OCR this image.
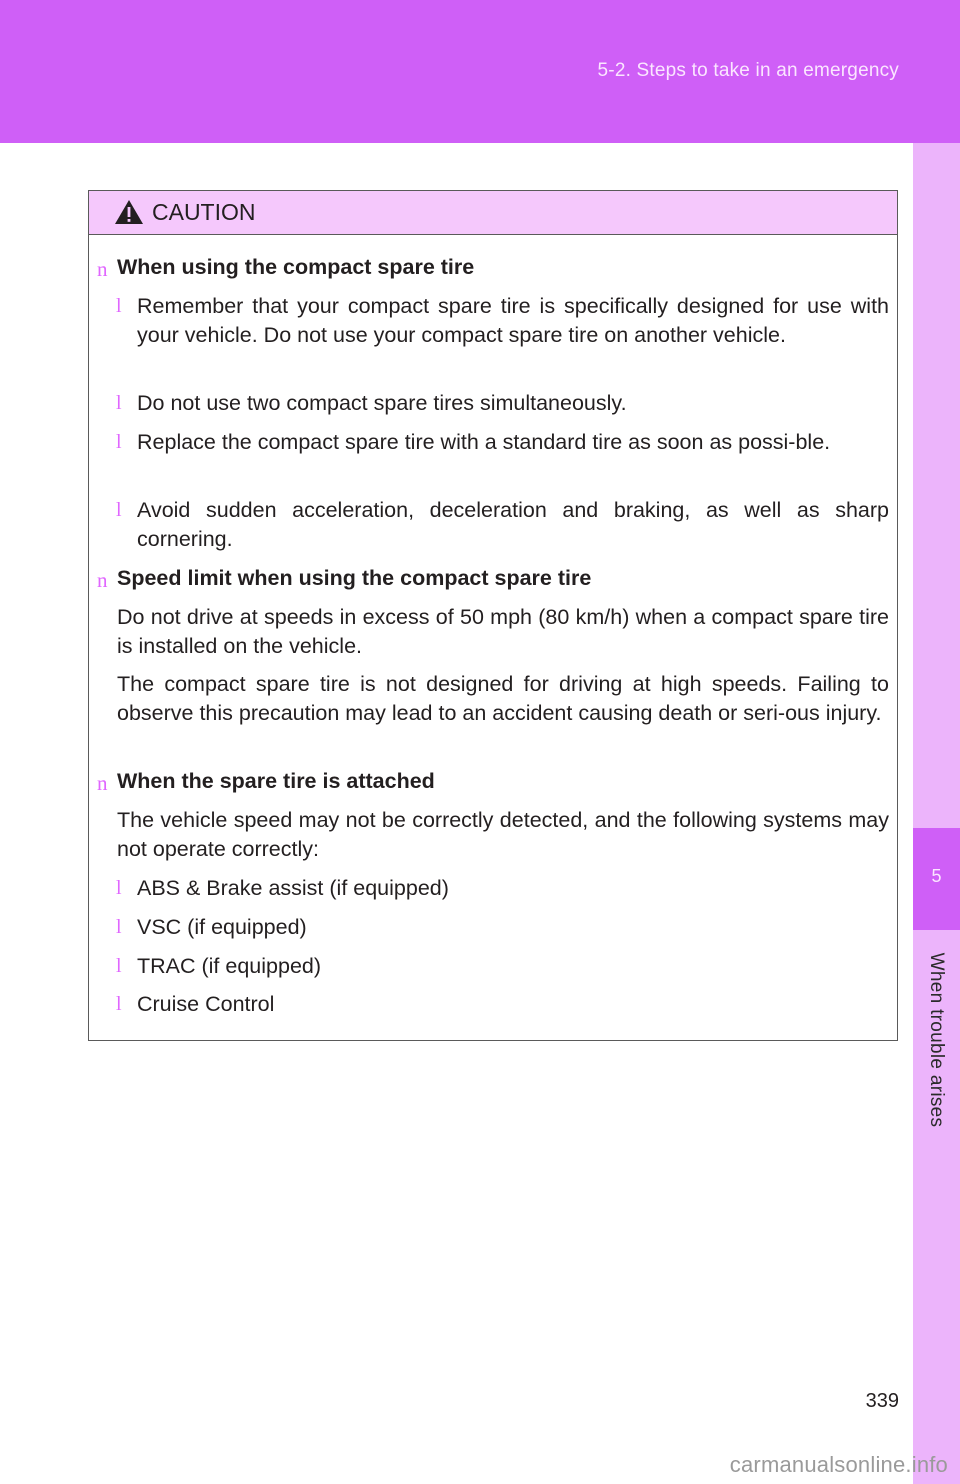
5-2. Steps to take in an emergency
5
When trouble arises
CAUTION
n When using the compact spare tire
l Remember that your compact spare tire is specifically designed for use with your vehicle. Do not use your compact spare tire on another vehicle.
l Do not use two compact spare tires simultaneously.
l Replace the compact spare tire with a standard tire as soon as possi-ble.
l Avoid sudden acceleration, deceleration and braking, as well as sharp cornering.
n Speed limit when using the compact spare tire
Do not drive at speeds in excess of 50 mph (80 km/h) when a compact spare tire is installed on the vehicle.
The compact spare tire is not designed for driving at high speeds. Failing to observe this precaution may lead to an accident causing death or seri-ous injury.
n When the spare tire is attached
The vehicle speed may not be correctly detected, and the following systems may not operate correctly:
l ABS & Brake assist (if equipped)
l VSC (if equipped)
l TRAC (if equipped)
l Cruise Control
339
carmanualsonline.info
